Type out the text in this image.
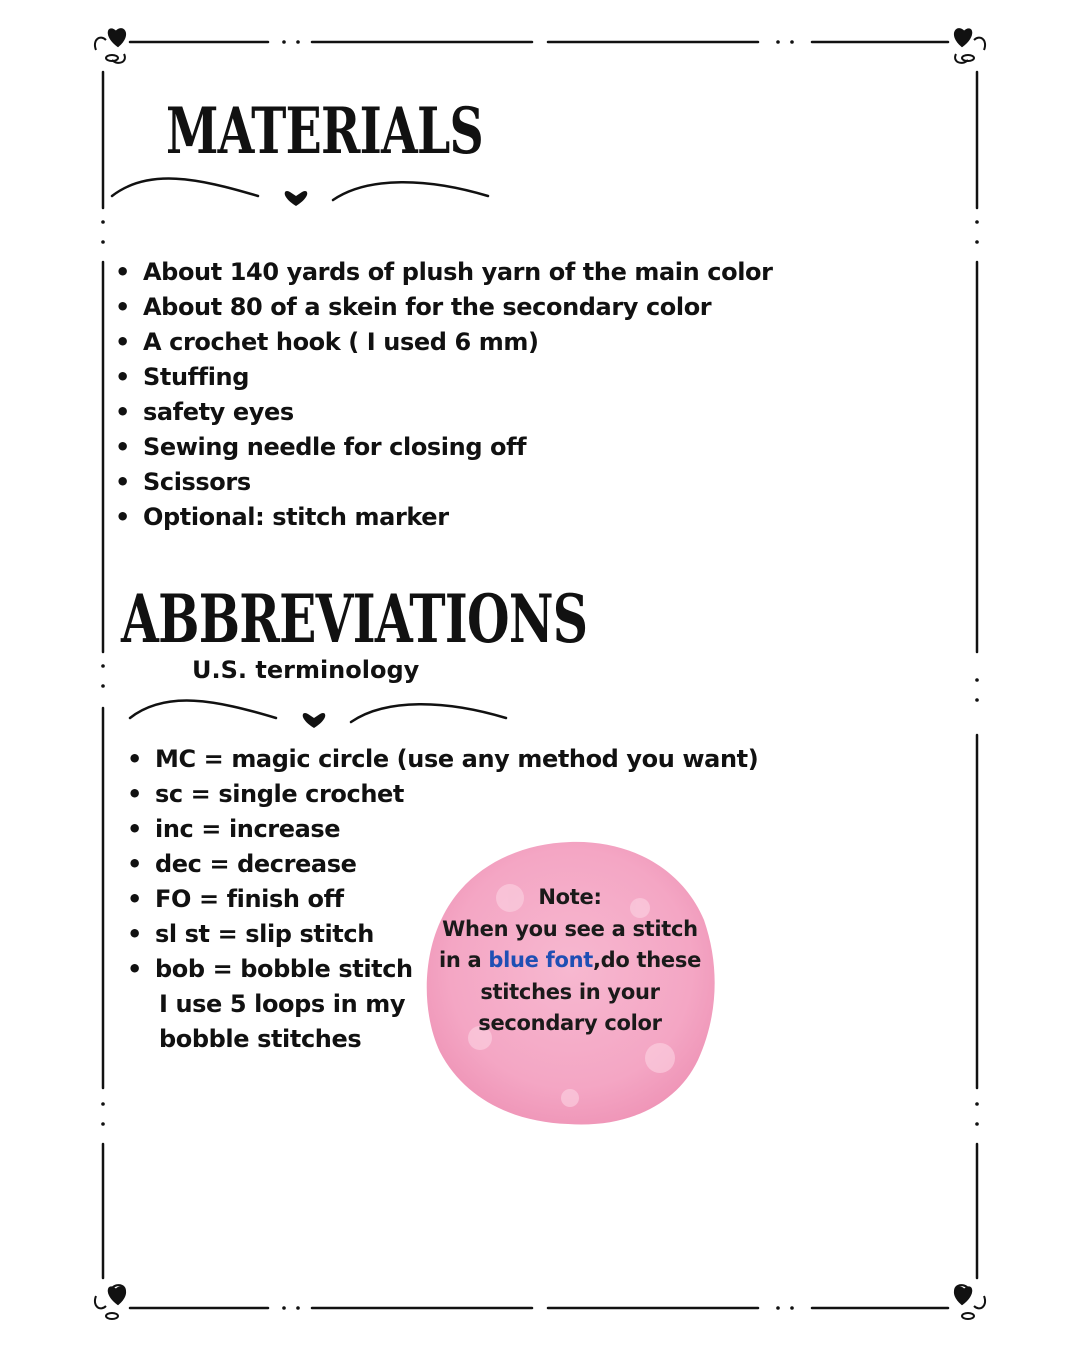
MATERIALS
• About 140 yards of plush yarn of the main color
• About 80 of a skein for the secondary color
• A crochet hook ( I used 6 mm)
• Stuffing
• safety eyes
• Sewing needle for closing off
• Scissors
• Optional: stitch marker
ABBREVIATIONS

U.S. terminology

• MC = magic circle (use any method you want)
• sc = single crochet
• inc = increase
• dec = decrease
• FO = finish off
• sl st = slip stitch
• bob = bobble stitch

I use 5 loops in my

bobble stitches

Note:
When you see a stitch
in a blue font,do these
stitches in your
secondary color
